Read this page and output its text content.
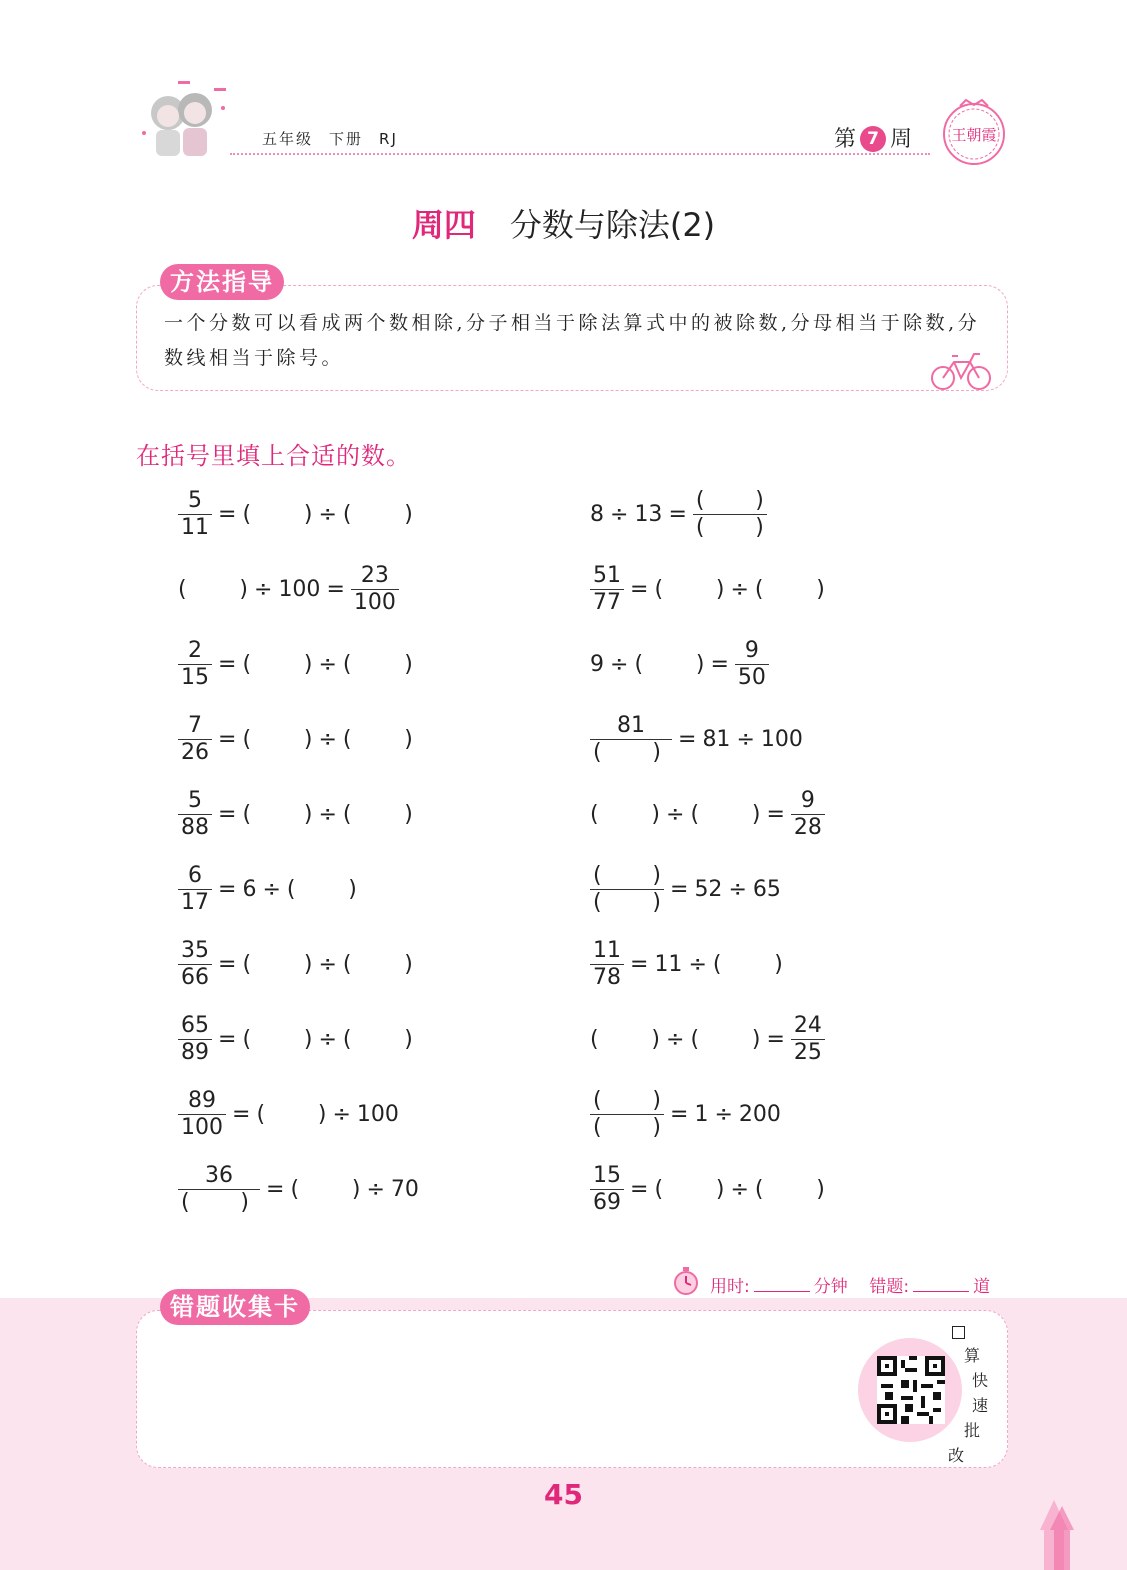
五年级 下册 RJ	第 7 周	王朝霞
周四 分数与除法(2)
方法指导
一个分数可以看成两个数相除,分子相当于除法算式中的被除数,分母相当于除数,分数线相当于除号。
在括号里填上合适的数。
$\frac{5}{11}$ = ( ) ÷ ( )
( ) ÷ $100 = \frac{23}{100}$
$\frac{2}{15}$ = ( ) ÷ ( )
$\frac{7}{26}$ = ( ) ÷ ( )
$\frac{5}{88}$ = ( ) ÷ ( )
$\frac{6}{17} = 6$ ÷ ( )
$\frac{35}{66}$ = ( ) ÷ ( )
$\frac{65}{89}$ = ( ) ÷ ( )
$\frac{89}{100}$ = ( ) ÷ 100
$\frac{36}{( )}$ = ( ) ÷ 70
$8 \div 13 = \frac{( )}{( )}$
$\frac{51}{77}$ = ( ) ÷ ( )
9 ÷ ( ) = $\frac{9}{50}$
$\frac{81}{( )} = 81 \div 100$
( ) ÷ ( ) = $\frac{9}{28}$
$\frac{( )}{( )} = 52 \div 65$
$\frac{11}{78} = 11$ ÷ ( )
( ) ÷ ( ) = $\frac{24}{25}$
$\frac{( )}{( )} = 1 \div 200$
$\frac{15}{69}$ = ( ) ÷ ( )
用时:	分钟 错题:	道
错题收集卡
算
快
速
批
改
45
